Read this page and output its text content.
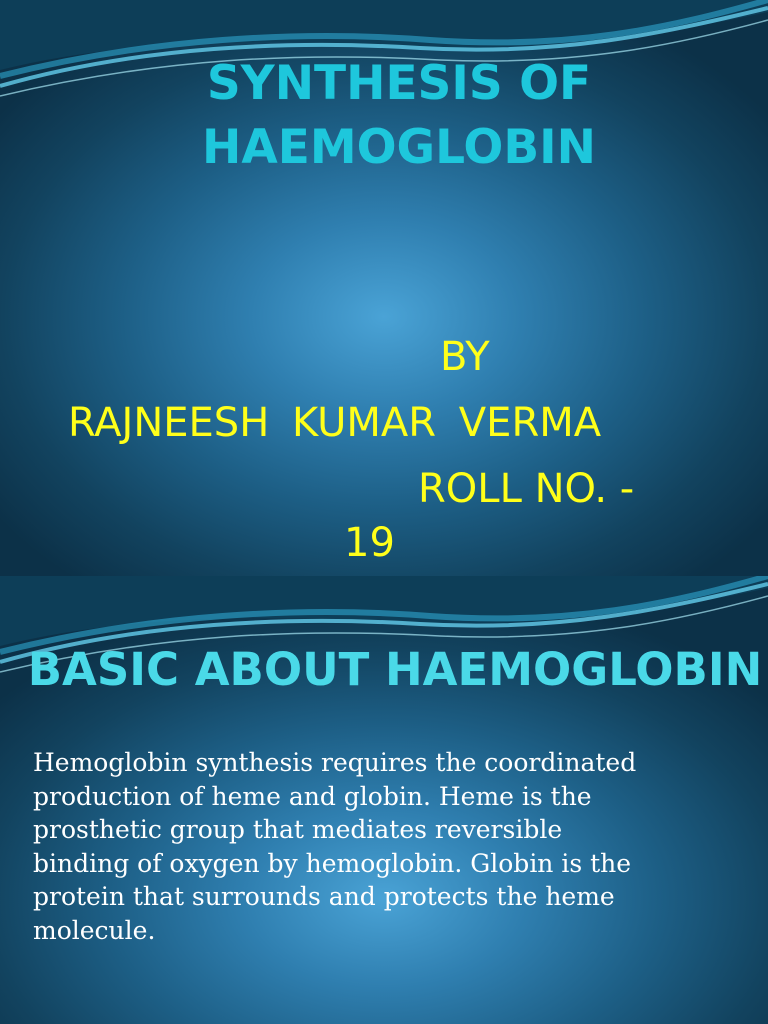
SYNTHESIS OF
HAEMOGLOBIN
BY
RAJNEESH KUMAR VERMA
ROLL NO. -
19
BASIC ABOUT HAEMOGLOBIN

Hemoglobin synthesis requires the coordinated
production of heme and globin. Heme is the
prosthetic group that mediates reversible
binding of oxygen by hemoglobin. Globin is the
protein that surrounds and protects the heme
molecule.
